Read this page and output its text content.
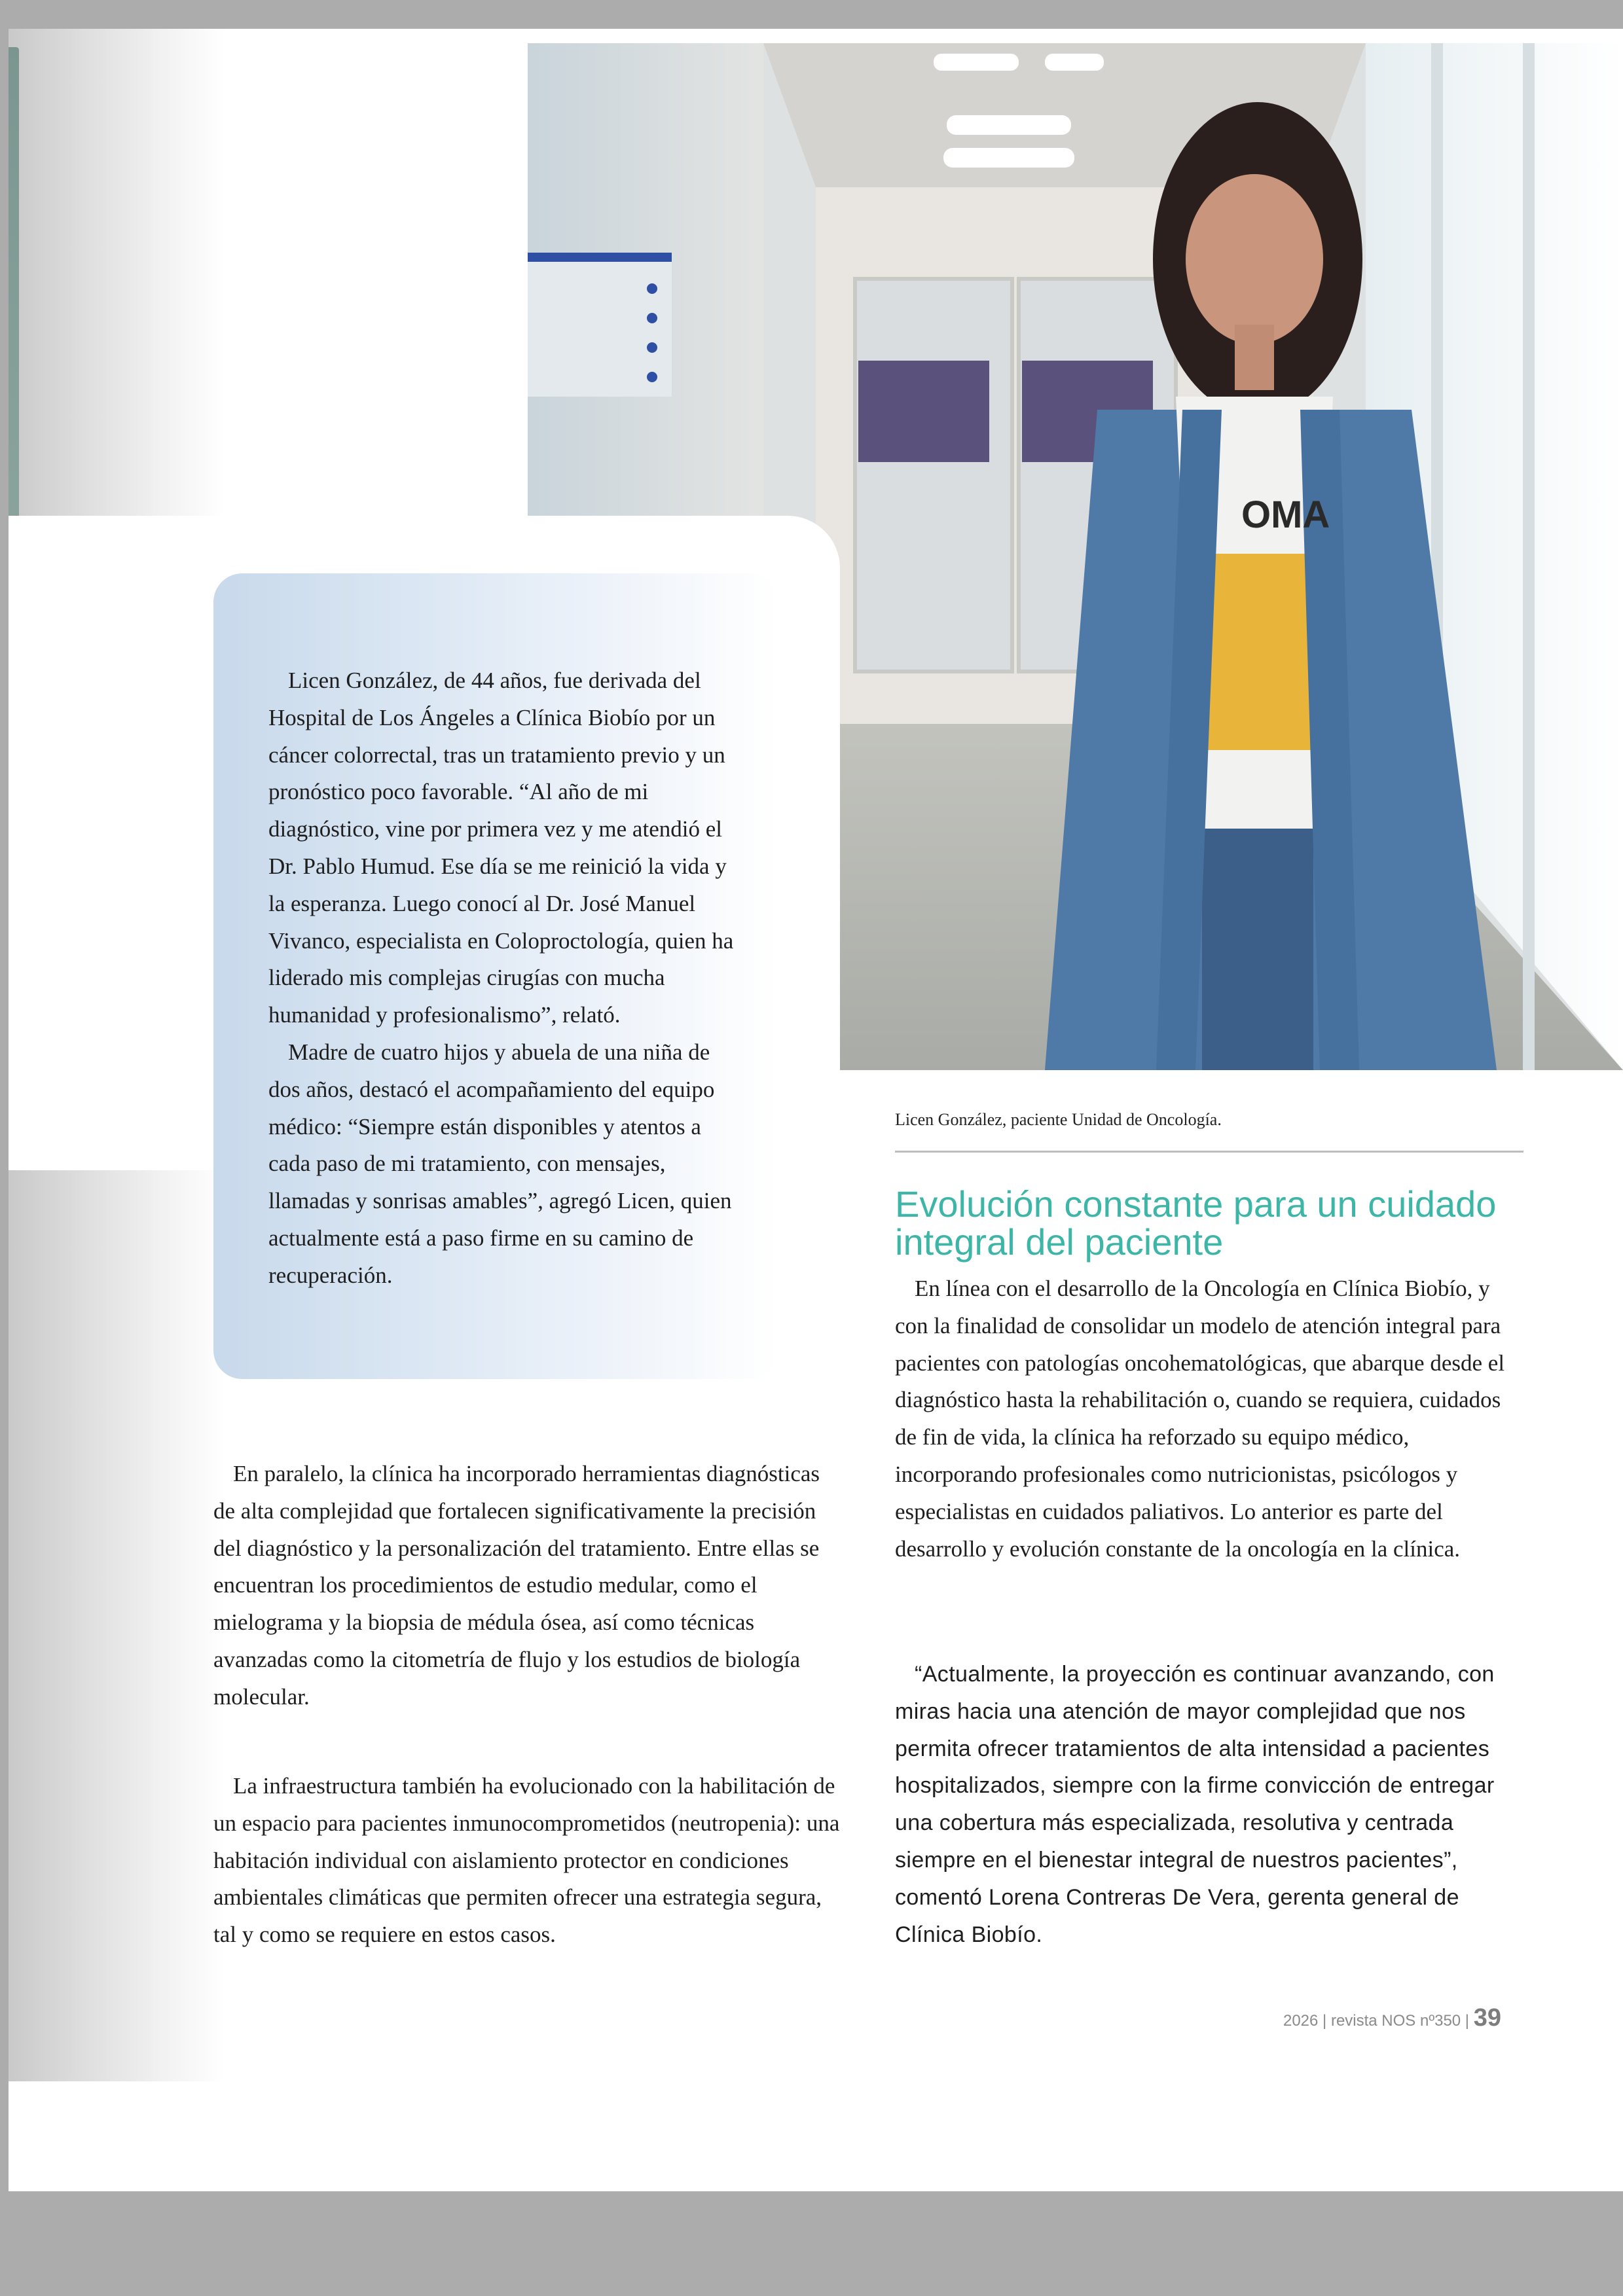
OMA

Licen González, de 44 años, fue derivada del Hospital de Los Ángeles a Clínica Biobío por un cáncer colorrectal, tras un tratamiento previo y un pronóstico poco favorable. “Al año de mi diagnóstico, vine por primera vez y me atendió el Dr. Pablo Humud. Ese día se me reinició la vida y la esperanza. Luego conocí al Dr. José Manuel Vivanco, especialista en Coloproctología, quien ha liderado mis complejas cirugías con mucha humanidad y profesionalismo”, relató.

Madre de cuatro hijos y abuela de una niña de dos años, destacó el acompañamiento del equipo médico: “Siempre están disponibles y atentos a cada paso de mi tratamiento, con mensajes, llamadas y sonrisas amables”, agregó Licen, quien actualmente está a paso firme en su camino de recuperación.

Licen González, paciente Unidad de Oncología.
Evolución constante para un cuidado integral del paciente

En línea con el desarrollo de la Oncología en Clínica Biobío, y con la finalidad de consolidar un modelo de atención integral para pacientes con patologías oncohematológicas, que abarque desde el diagnóstico hasta la rehabilitación o, cuando se requiera, cuidados de fin de vida, la clínica ha reforzado su equipo médico, incorporando profesionales como nutricionistas, psicólogos y especialistas en cuidados paliativos. Lo anterior es parte del desarrollo y evolución constante de la oncología en la clínica.

“Actualmente, la proyección es continuar avanzando, con miras hacia una atención de mayor complejidad que nos permita ofrecer tratamientos de alta intensidad a pacientes hospitalizados, siempre con la firme convicción de entregar una cobertura más especializada, resolutiva y centrada siempre en el bienestar integral de nuestros pacientes”, comentó Lorena Contreras De Vera, gerenta general de Clínica Biobío.

En paralelo, la clínica ha incorporado herramientas diagnósticas de alta complejidad que fortalecen significativamente la precisión del diagnóstico y la personalización del tratamiento. Entre ellas se encuentran los procedimientos de estudio medular, como el mielograma y la biopsia de médula ósea, así como técnicas avanzadas como la citometría de flujo y los estudios de biología molecular.

La infraestructura también ha evolucionado con la habilitación de un espacio para pacientes inmunocomprometidos (neutropenia): una habitación individual con aislamiento protector en condiciones ambientales climáticas que permiten ofrecer una estrategia segura, tal y como se requiere en estos casos.

2026 | revista NOS nº350 | 39
